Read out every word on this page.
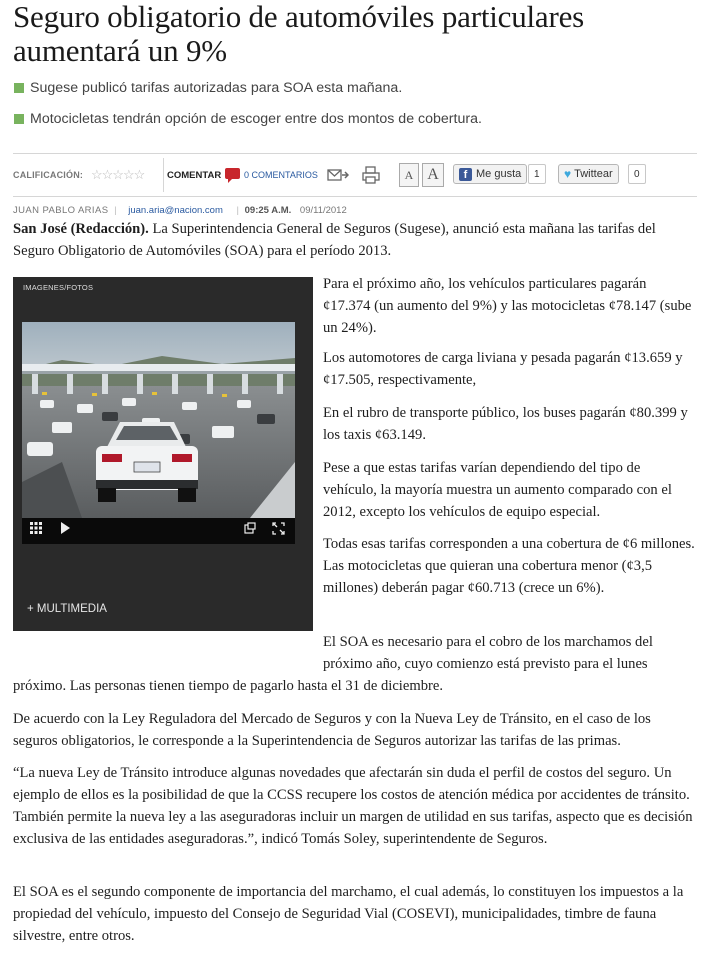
Seguro obligatorio de automóviles particulares aumentará un 9%
Sugese publicó tarifas autorizadas para SOA esta mañana.
Motocicletas tendrán opción de escoger entre dos montos de cobertura.
CALIFICACIÓN: ☆☆☆☆☆ COMENTAR	0 COMENTARIOS	A A	f Me gusta	1	♥ Twittear	0
JUAN PABLO ARIAS | juan.aria@nacion.com | 09:25 A.M. 09/11/2012

San José (Redacción). La Superintendencia General de Seguros (Sugese), anunció esta mañana las tarifas del Seguro Obligatorio de Automóviles (SOA) para el período 2013.

IMAGENES/FOTOS
+ MULTIMEDIA

Para el próximo año, los vehículos particulares pagarán ¢17.374 (un aumento del 9%) y las motocicletas ¢78.147 (sube un 24%).

Los automotores de carga liviana y pesada pagarán ¢13.659 y ¢17.505, respectivamente,

En el rubro de transporte público, los buses pagarán ¢80.399 y los taxis ¢63.149.

Pese a que estas tarifas varían dependiendo del tipo de vehículo, la mayoría muestra un aumento comparado con el 2012, excepto los vehículos de equipo especial.

Todas esas tarifas corresponden a una cobertura de ¢6 millones. Las motocicletas que quieran una cobertura menor (¢3,5 millones) deberán pagar ¢60.713 (crece un 6%).

El SOA es necesario para el cobro de los marchamos del próximo año, cuyo comienzo está previsto para el lunes

próximo. Las personas tienen tiempo de pagarlo hasta el 31 de diciembre.

De acuerdo con la Ley Reguladora del Mercado de Seguros y con la Nueva Ley de Tránsito, en el caso de los seguros obligatorios, le corresponde a la Superintendencia de Seguros autorizar las tarifas de las primas.

“La nueva Ley de Tránsito introduce algunas novedades que afectarán sin duda el perfil de costos del seguro. Un ejemplo de ellos es la posibilidad de que la CCSS recupere los costos de atención médica por accidentes de tránsito. También permite la nueva ley a las aseguradoras incluir un margen de utilidad en sus tarifas, aspecto que es decisión exclusiva de las entidades aseguradoras.”, indicó Tomás Soley, superintendente de Seguros.

El SOA es el segundo componente de importancia del marchamo, el cual además, lo constituyen los impuestos a la propiedad del vehículo, impuesto del Consejo de Seguridad Vial (COSEVI), municipalidades, timbre de fauna silvestre, entre otros.
